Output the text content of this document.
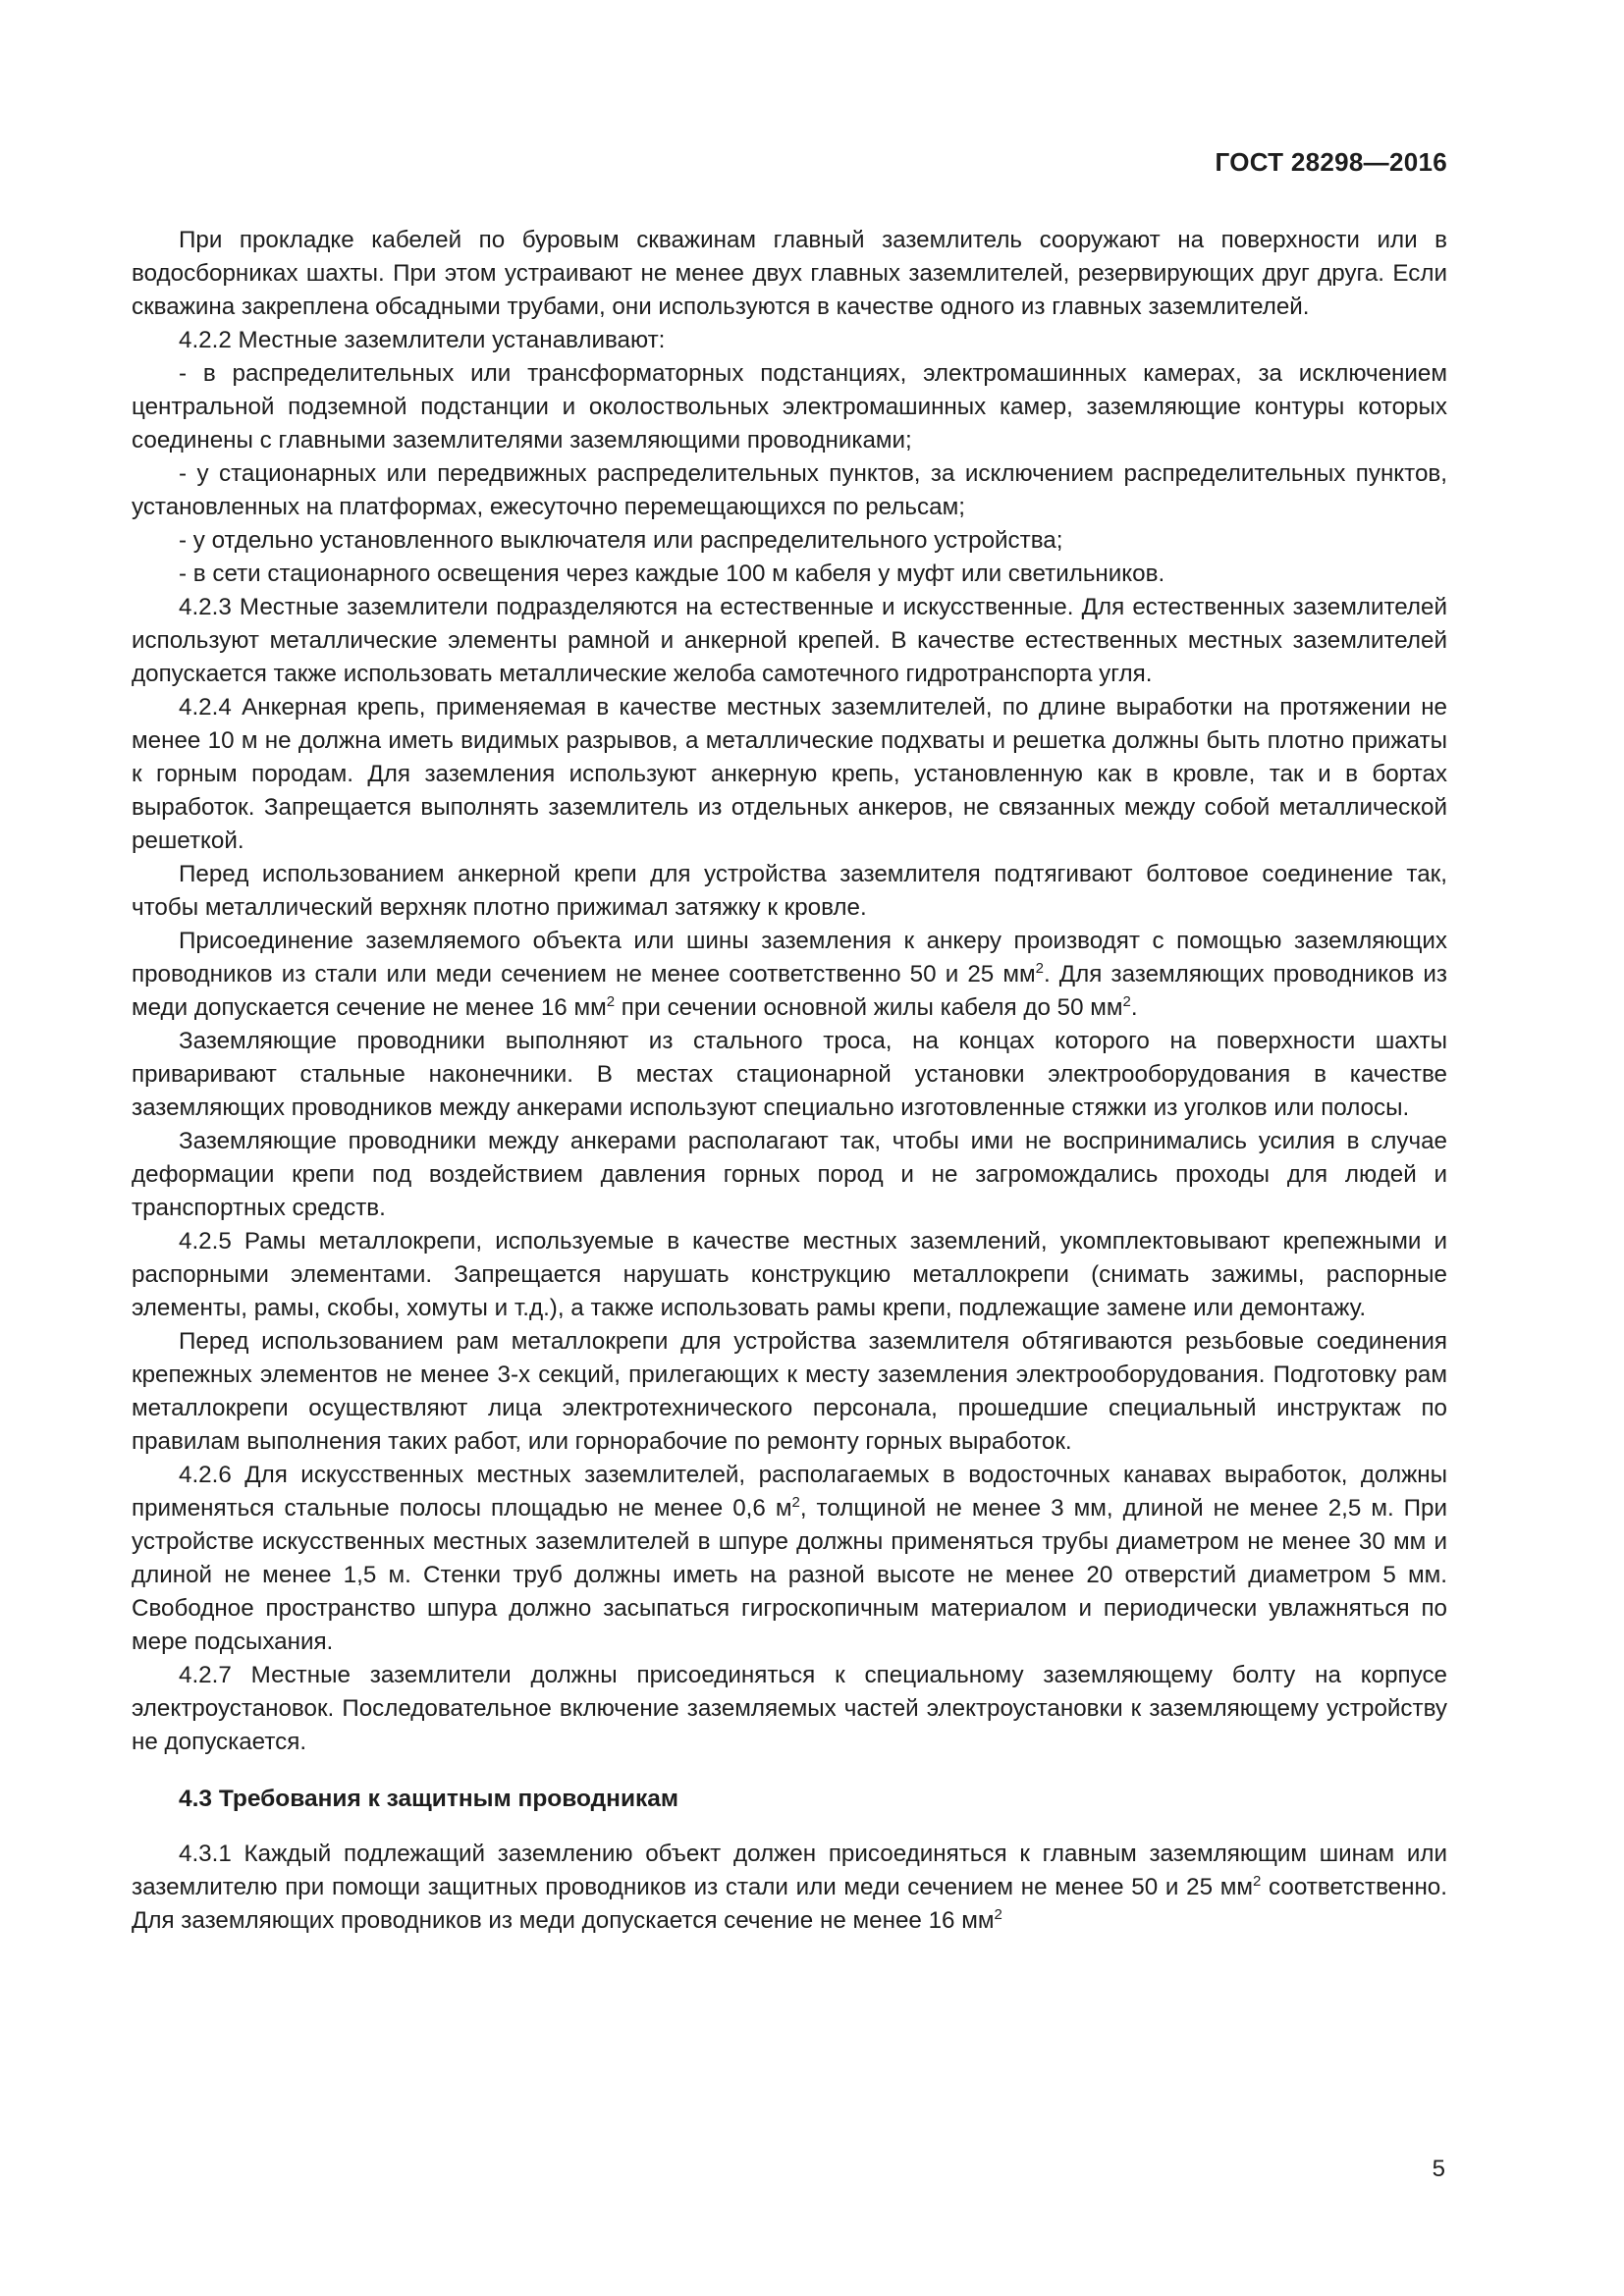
ГОСТ 28298—2016

При прокладке кабелей по буровым скважинам главный заземлитель сооружают на поверхности или в водосборниках шахты. При этом устраивают не менее двух главных заземлителей, резервирующих друг друга. Если скважина закреплена обсадными трубами, они используются в качестве одного из главных заземлителей.

4.2.2 Местные заземлители устанавливают:

- в распределительных или трансформаторных подстанциях, электромашинных камерах, за исключением центральной подземной подстанции и околоствольных электромашинных камер, заземляющие контуры которых соединены с главными заземлителями заземляющими проводниками;

- у стационарных или передвижных распределительных пунктов, за исключением распределительных пунктов, установленных на платформах, ежесуточно перемещающихся по рельсам;

- у отдельно установленного выключателя или распределительного устройства;

- в сети стационарного освещения через каждые 100 м кабеля у муфт или светильников.

4.2.3 Местные заземлители подразделяются на естественные и искусственные. Для естественных заземлителей используют металлические элементы рамной и анкерной крепей. В качестве естественных местных заземлителей допускается также использовать металлические желоба самотечного гидротранспорта угля.

4.2.4 Анкерная крепь, применяемая в качестве местных заземлителей, по длине выработки на протяжении не менее 10 м не должна иметь видимых разрывов, а металлические подхваты и решетка должны быть плотно прижаты к горным породам. Для заземления используют анкерную крепь, установленную как в кровле, так и в бортах выработок. Запрещается выполнять заземлитель из отдельных анкеров, не связанных между собой металлической решеткой.

Перед использованием анкерной крепи для устройства заземлителя подтягивают болтовое соединение так, чтобы металлический верхняк плотно прижимал затяжку к кровле.

Присоединение заземляемого объекта или шины заземления к анкеру производят с помощью заземляющих проводников из стали или меди сечением не менее соответственно 50 и 25 $мм^2$. Для заземляющих проводников из меди допускается сечение не менее 16 $мм^2$ при сечении основной жилы кабеля до 50 $мм^2$.

Заземляющие проводники выполняют из стального троса, на концах которого на поверхности шахты приваривают стальные наконечники. В местах стационарной установки электрооборудования в качестве заземляющих проводников между анкерами используют специально изготовленные стяжки из уголков или полосы.

Заземляющие проводники между анкерами располагают так, чтобы ими не воспринимались усилия в случае деформации крепи под воздействием давления горных пород и не загромождались проходы для людей и транспортных средств.

4.2.5 Рамы металлокрепи, используемые в качестве местных заземлений, укомплектовывают крепежными и распорными элементами. Запрещается нарушать конструкцию металлокрепи (снимать зажимы, распорные элементы, рамы, скобы, хомуты и т.д.), а также использовать рамы крепи, подлежащие замене или демонтажу.

Перед использованием рам металлокрепи для устройства заземлителя обтягиваются резьбовые соединения крепежных элементов не менее 3-х секций, прилегающих к месту заземления электрооборудования. Подготовку рам металлокрепи осуществляют лица электротехнического персонала, прошедшие специальный инструктаж по правилам выполнения таких работ, или горнорабочие по ремонту горных выработок.

4.2.6 Для искусственных местных заземлителей, располагаемых в водосточных канавах выработок, должны применяться стальные полосы площадью не менее 0,6 $м^2$, толщиной не менее 3 мм, длиной не менее 2,5 м. При устройстве искусственных местных заземлителей в шпуре должны применяться трубы диаметром не менее 30 мм и длиной не менее 1,5 м. Стенки труб должны иметь на разной высоте не менее 20 отверстий диаметром 5 мм. Свободное пространство шпура должно засыпаться гигроскопичным материалом и периодически увлажняться по мере подсыхания.

4.2.7 Местные заземлители должны присоединяться к специальному заземляющему болту на корпусе электроустановок. Последовательное включение заземляемых частей электроустановки к заземляющему устройству не допускается.

4.3 Требования к защитным проводникам

4.3.1 Каждый подлежащий заземлению объект должен присоединяться к главным заземляющим шинам или заземлителю при помощи защитных проводников из стали или меди сечением не менее 50 и 25 $мм^2$ соответственно. Для заземляющих проводников из меди допускается сечение не менее 16 $мм^2$

5
